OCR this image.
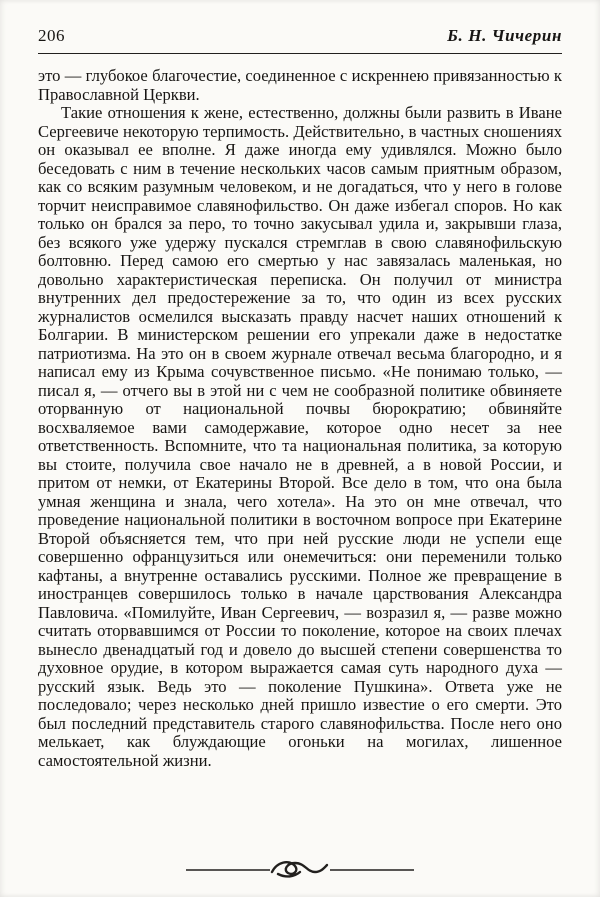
206	Б. Н. Чичерин

это — глубокое благочестие, соединенное с искреннею привязанностью к Православной Церкви.

Такие отношения к жене, естественно, должны были развить в Иване Сергеевиче некоторую терпимость. Действительно, в частных сношениях он оказывал ее вполне. Я даже иногда ему удивлялся. Можно было беседовать с ним в течение нескольких часов самым приятным образом, как со всяким разумным человеком, и не догадаться, что у него в голове торчит неисправимое славянофильство. Он даже избегал споров. Но как только он брался за перо, то точно закусывал удила и, закрывши глаза, без всякого уже удержу пускался стремглав в свою славянофильскую болтовню. Перед самою его смертью у нас завязалась маленькая, но довольно характеристическая переписка. Он получил от министра внутренних дел предостережение за то, что один из всех русских журналистов осмелился высказать правду насчет наших отношений к Болгарии. В министерском решении его упрекали даже в недостатке патриотизма. На это он в своем журнале отвечал весьма благородно, и я написал ему из Крыма сочувственное письмо. «Не понимаю только, — писал я, — отчего вы в этой ни с чем не сообразной политике обвиняете оторванную от национальной почвы бюрократию; обвиняйте восхваляемое вами самодержавие, которое одно несет за нее ответственность. Вспомните, что та национальная политика, за которую вы стоите, получила свое начало не в древней, а в новой России, и притом от немки, от Екатерины Второй. Все дело в том, что она была умная женщина и знала, чего хотела». На это он мне отвечал, что проведение национальной политики в восточном вопросе при Екатерине Второй объясняется тем, что при ней русские люди не успели еще совершенно офранцузиться или онемечиться: они переменили только кафтаны, а внутренне оставались русскими. Полное же превращение в иностранцев совершилось только в начале царствования Александра Павловича. «Помилуйте, Иван Сергеевич, — возразил я, — разве можно считать оторвавшимся от России то поколение, которое на своих плечах вынесло двенадцатый год и довело до высшей степени совершенства то духовное орудие, в котором выражается самая суть народного духа — русский язык. Ведь это — поколение Пушкина». Ответа уже не последовало; через несколько дней пришло известие о его смерти. Это был последний представитель старого славянофильства. После него оно мелькает, как блуждающие огоньки на могилах, лишенное самостоятельной жизни.
